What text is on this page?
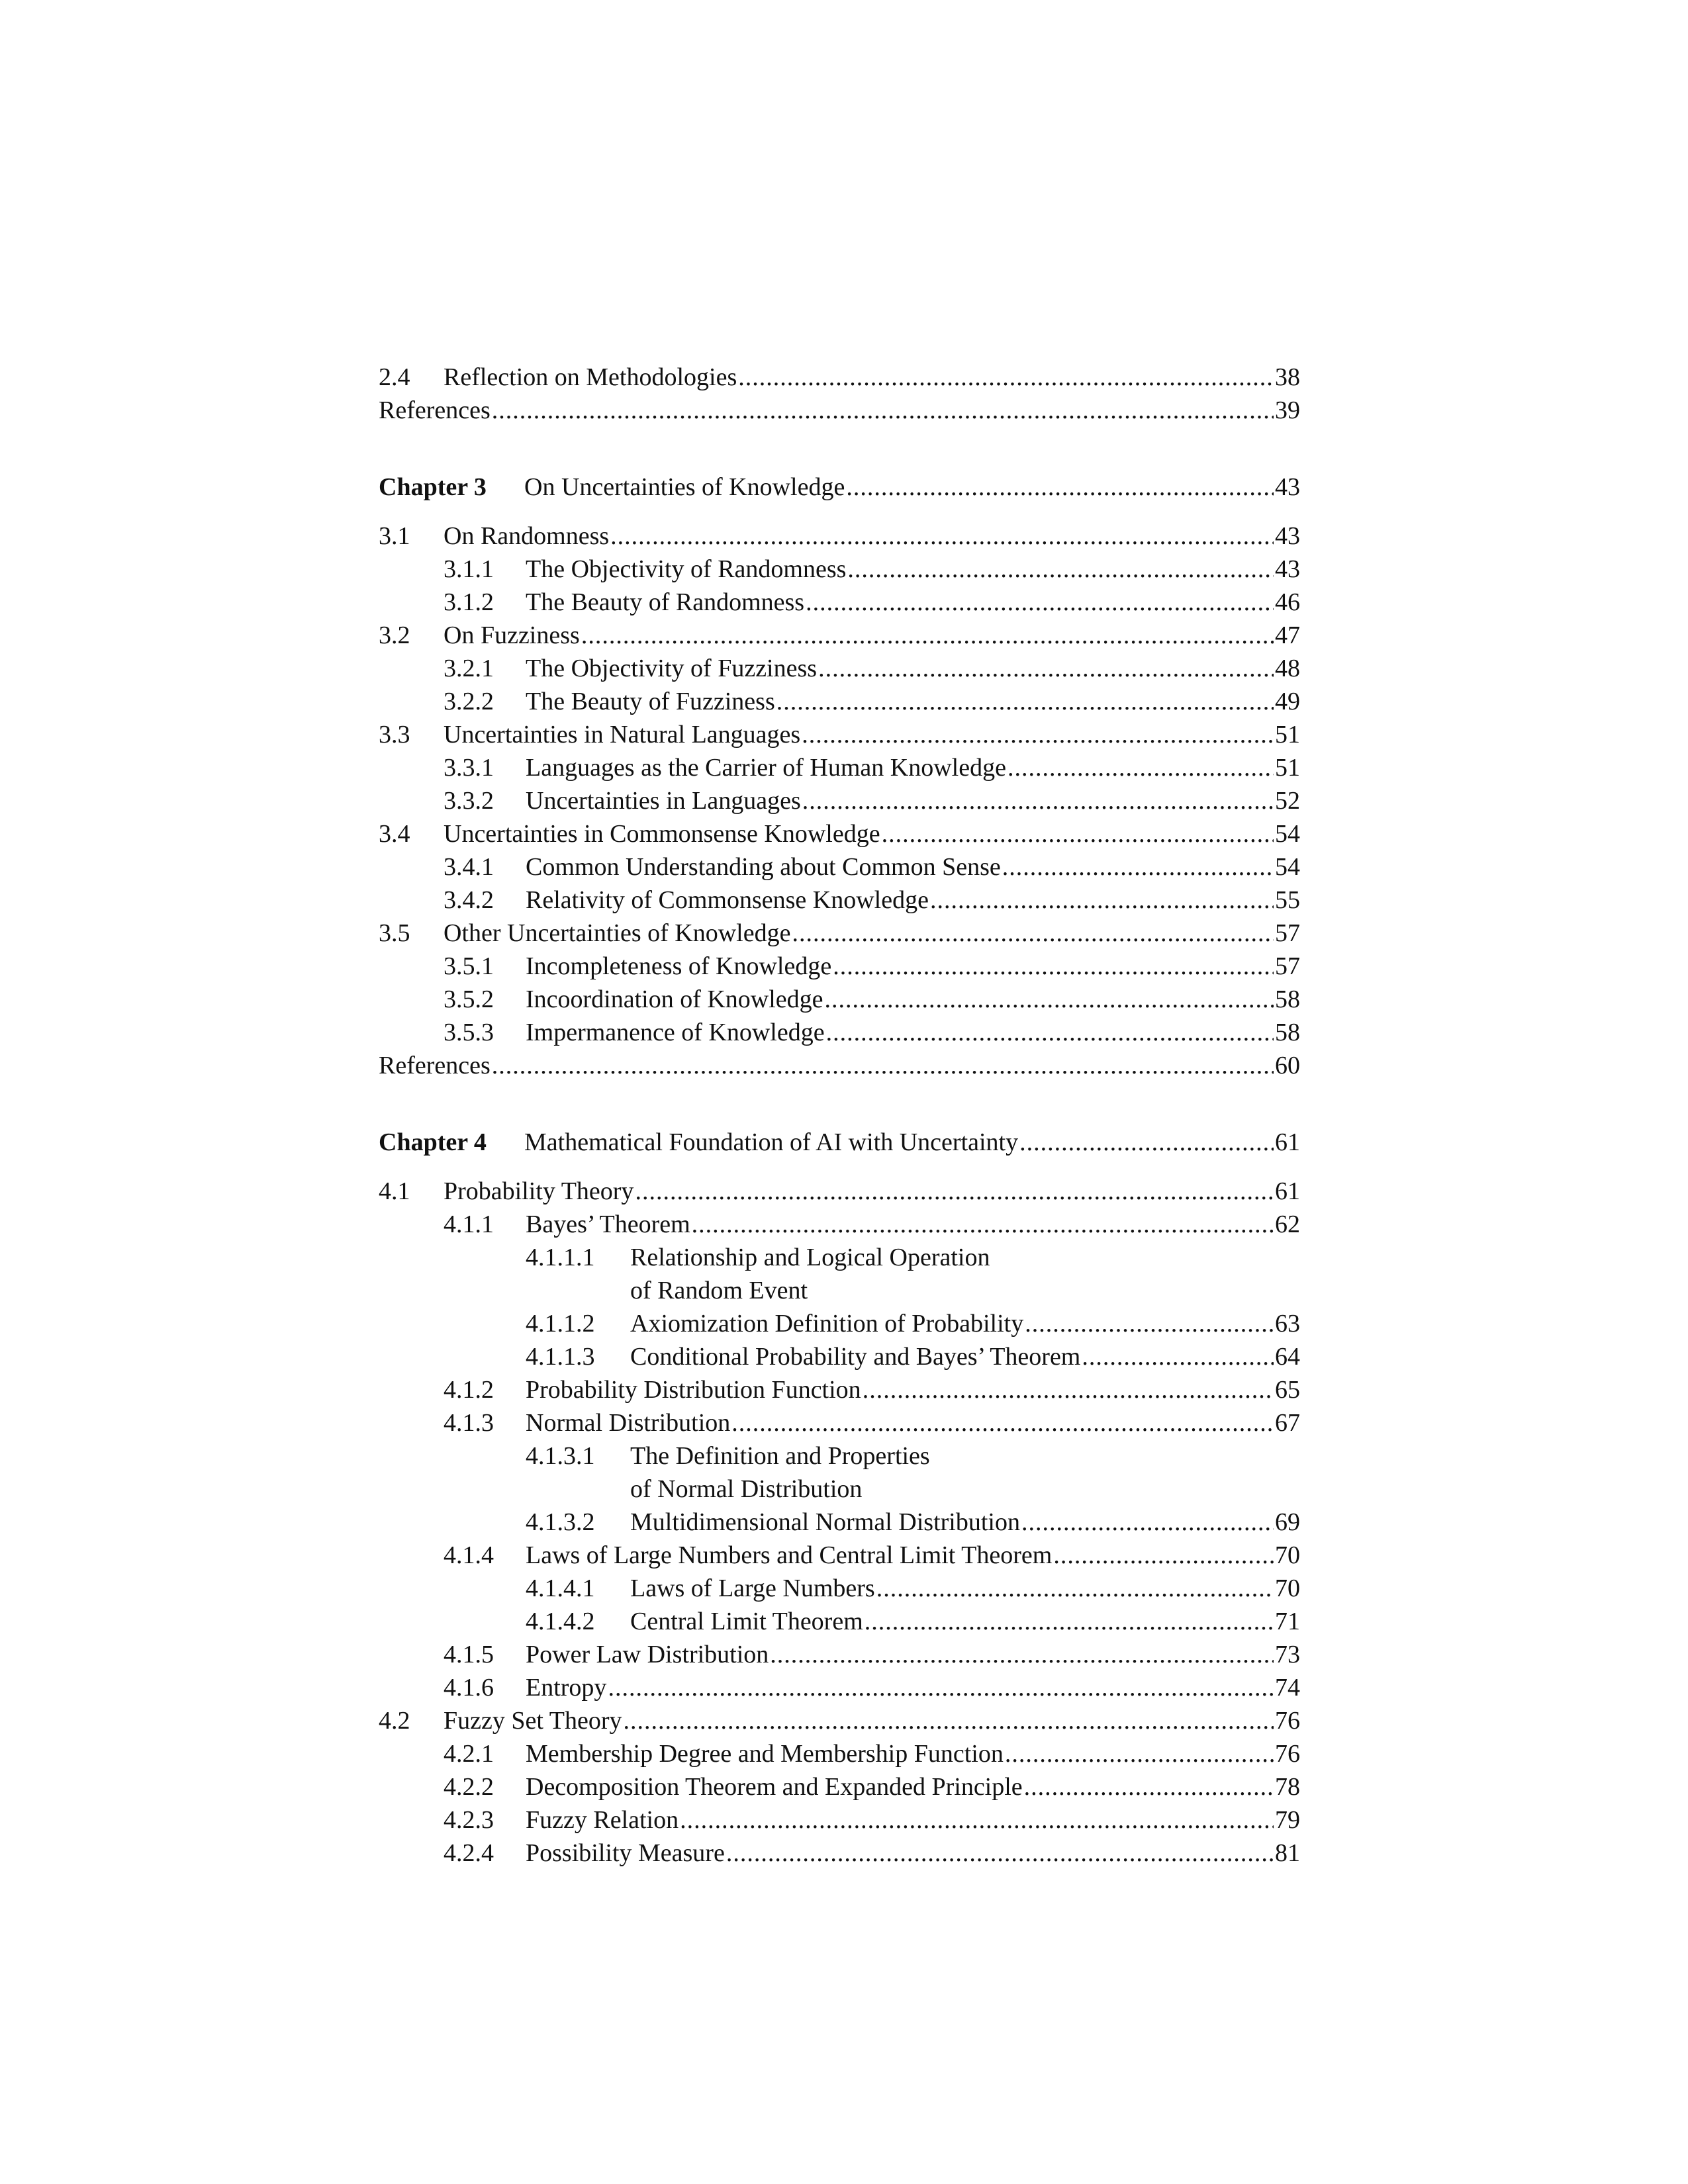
2.4 Reflection on Methodologies .....	38
References .....	39
Chapter 3 On Uncertainties of Knowledge .....	43
3.1 On Randomness .....	43
3.1.1 The Objectivity of Randomness .....	43
3.1.2 The Beauty of Randomness .....	46
3.2 On Fuzziness .....	47
3.2.1 The Objectivity of Fuzziness .....	48
3.2.2 The Beauty of Fuzziness .....	49
3.3 Uncertainties in Natural Languages .....	51
3.3.1 Languages as the Carrier of Human Knowledge .....	51
3.3.2 Uncertainties in Languages .....	52
3.4 Uncertainties in Commonsense Knowledge .....	54
3.4.1 Common Understanding about Common Sense .....	54
3.4.2 Relativity of Commonsense Knowledge .....	55
3.5 Other Uncertainties of Knowledge .....	57
3.5.1 Incompleteness of Knowledge .....	57
3.5.2 Incoordination of Knowledge .....	58
3.5.3 Impermanence of Knowledge .....	58
References .....	60
Chapter 4 Mathematical Foundation of AI with Uncertainty .....	61
4.1 Probability Theory .....	61
4.1.1 Bayes’ Theorem .....	62
4.1.1.1 Relationship and Logical Operation
of Random Event
4.1.1.2 Axiomization Definition of Probability .....	63
4.1.1.3 Conditional Probability and Bayes’ Theorem .....	64
4.1.2 Probability Distribution Function .....	65
4.1.3 Normal Distribution .....	67
4.1.3.1 The Definition and Properties
of Normal Distribution
4.1.3.2 Multidimensional Normal Distribution .....	69
4.1.4 Laws of Large Numbers and Central Limit Theorem .....	70
4.1.4.1 Laws of Large Numbers .....	70
4.1.4.2 Central Limit Theorem .....	71
4.1.5 Power Law Distribution .....	73
4.1.6 Entropy .....	74
4.2 Fuzzy Set Theory .....	76
4.2.1 Membership Degree and Membership Function .....	76
4.2.2 Decomposition Theorem and Expanded Principle .....	78
4.2.3 Fuzzy Relation .....	79
4.2.4 Possibility Measure .....	81
